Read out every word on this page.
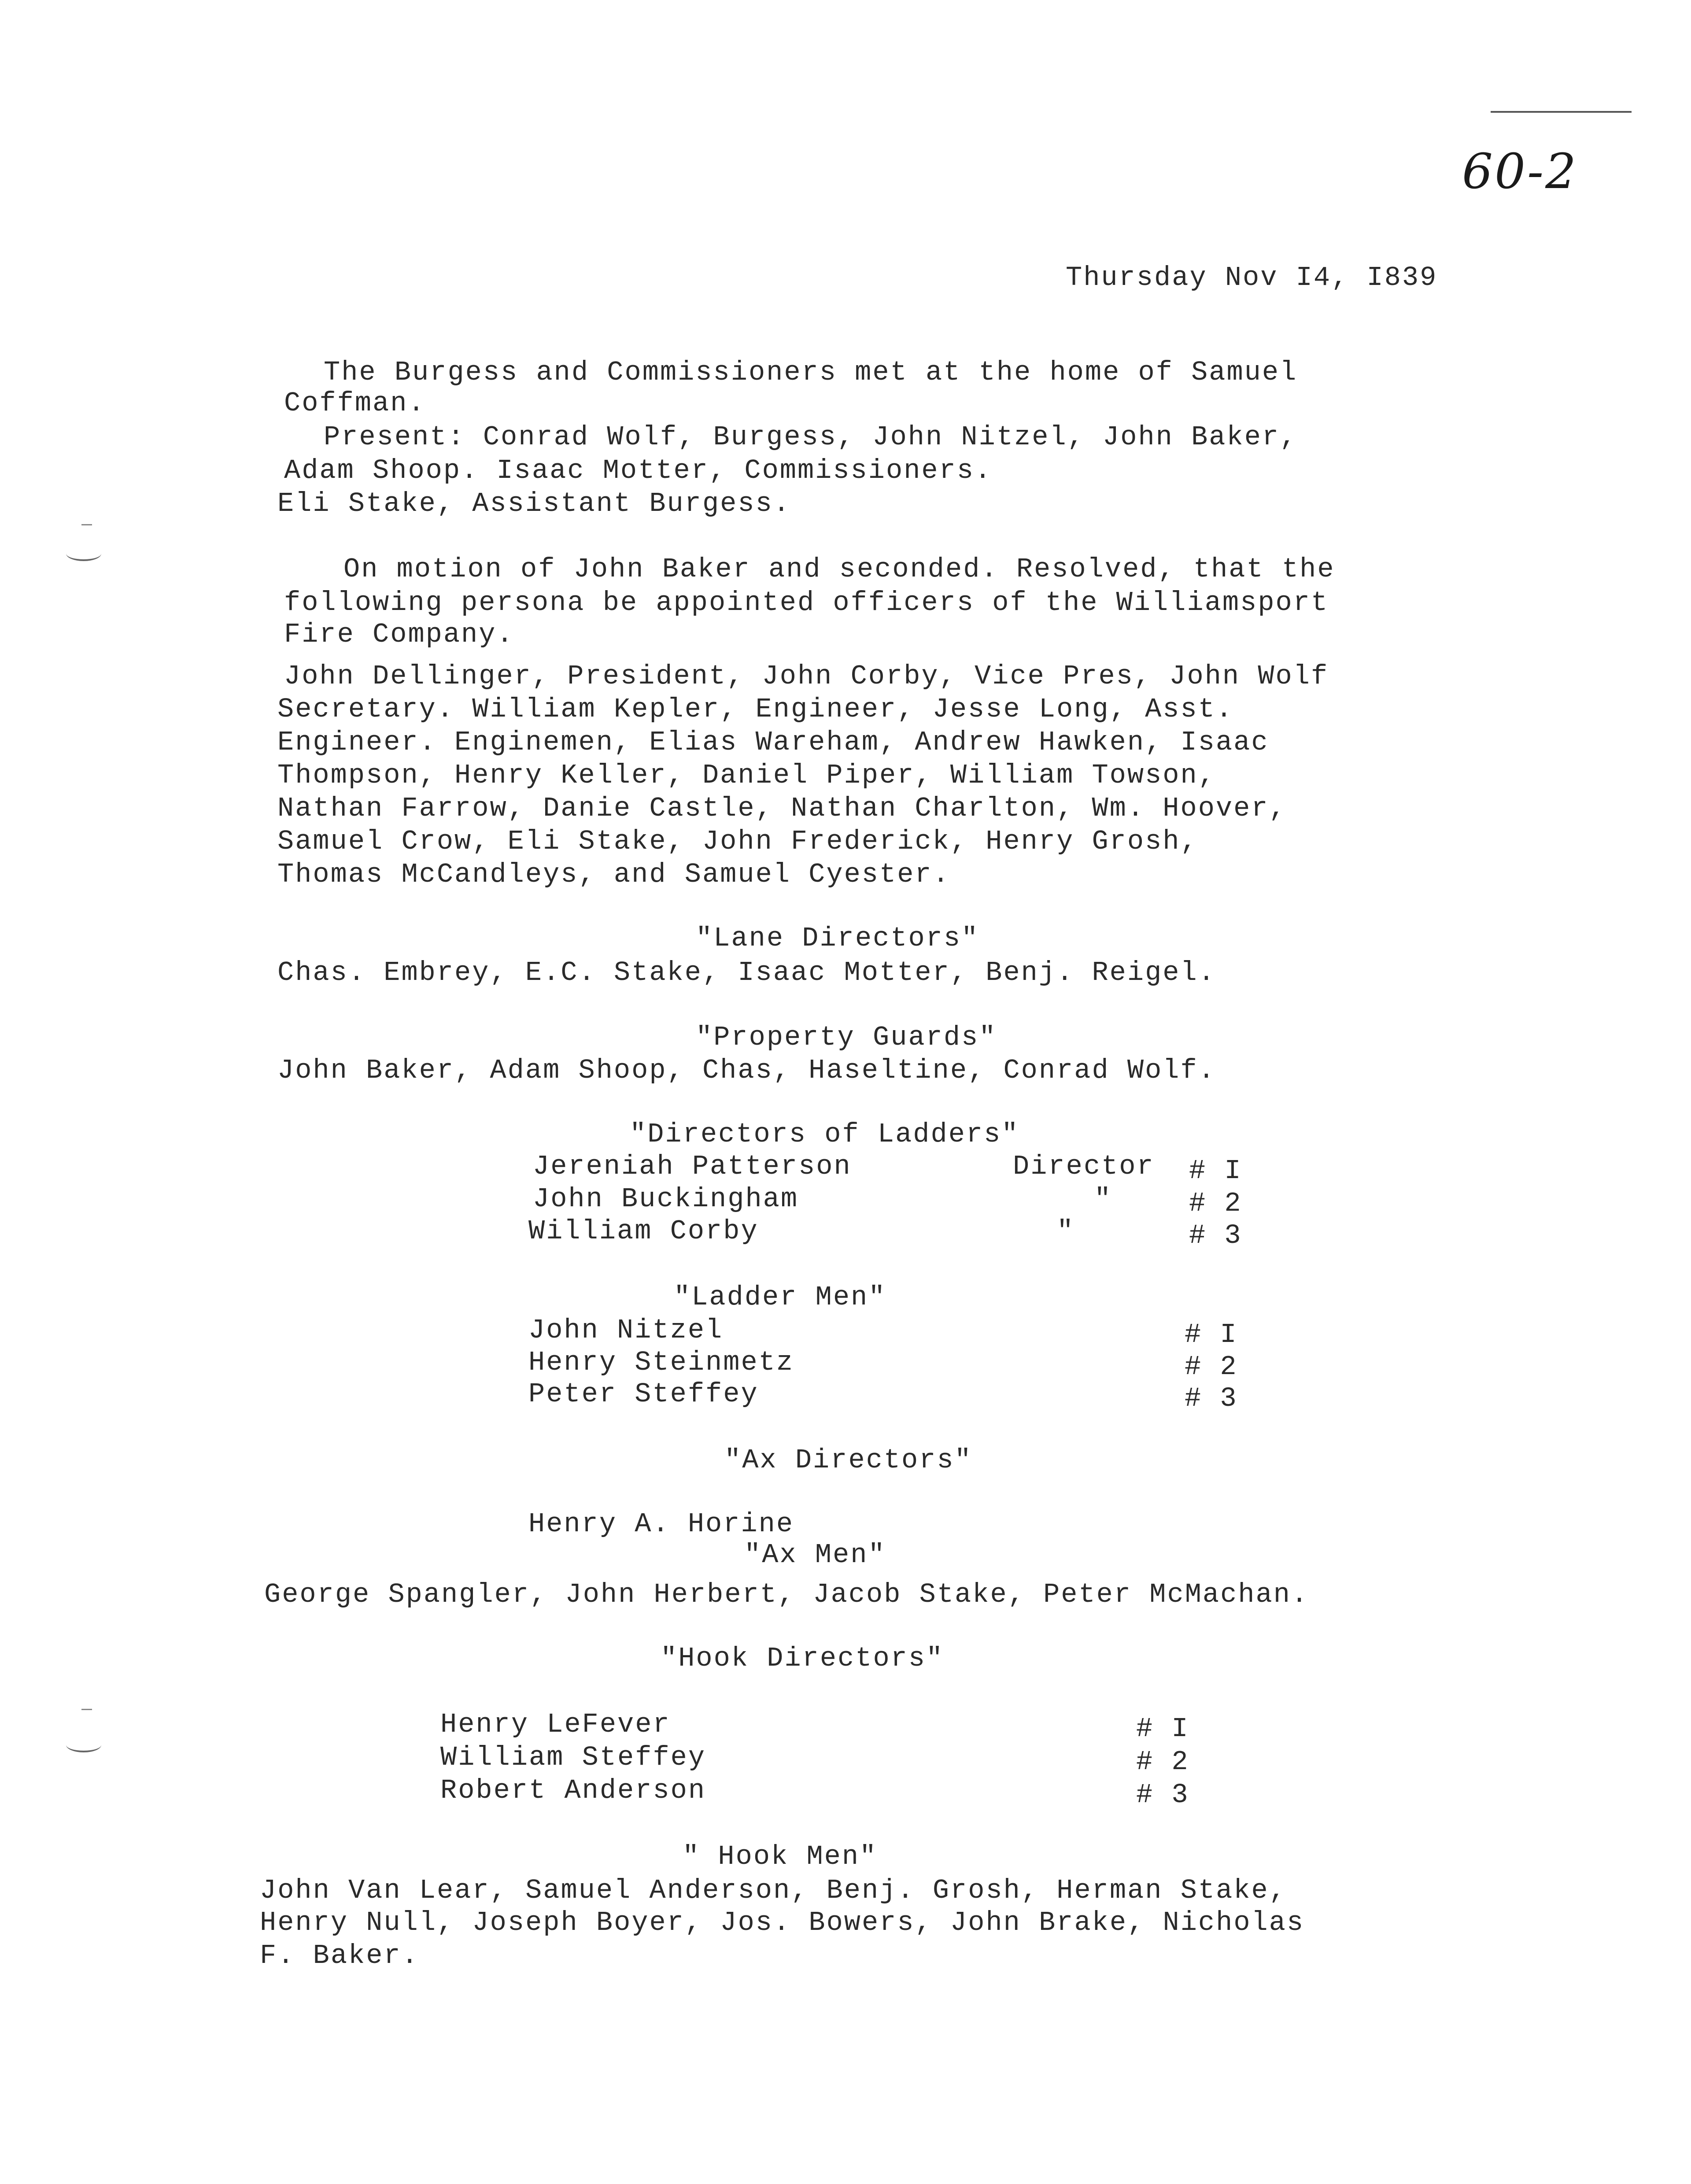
60-2
Thursday Nov I4, I839
The Burgess and Commissioners met at the home of Samuel
Coffman.
Present: Conrad Wolf, Burgess, John Nitzel, John Baker,
Adam Shoop. Isaac Motter, Commissioners.
Eli Stake, Assistant Burgess.
On motion of John Baker and seconded. Resolved, that the
following persona be appointed officers of the Williamsport
Fire Company.
John Dellinger, President, John Corby, Vice Pres, John Wolf
Secretary. William Kepler, Engineer, Jesse Long, Asst.
Engineer. Enginemen, Elias Wareham, Andrew Hawken, Isaac
Thompson, Henry Keller, Daniel Piper, William Towson,
Nathan Farrow, Danie Castle, Nathan Charlton, Wm. Hoover,
Samuel Crow, Eli Stake, John Frederick, Henry Grosh,
Thomas McCandleys, and Samuel Cyester.
"Lane Directors"
Chas. Embrey, E.C. Stake, Isaac Motter, Benj. Reigel.
"Property Guards"
John Baker, Adam Shoop, Chas, Haseltine, Conrad Wolf.
"Directors of Ladders"
Jereniah Patterson	Director # I
John Buckingham	"	# 2
William Corby	"	# 3
"Ladder Men"
John Nitzel	# I
Henry Steinmetz	# 2
Peter Steffey	# 3
"Ax Directors"
Henry A. Horine
"Ax Men"
George Spangler, John Herbert, Jacob Stake, Peter McMachan.
"Hook Directors"
Henry LeFever	# I
William Steffey	# 2
Robert Anderson	# 3
" Hook Men"
John Van Lear, Samuel Anderson, Benj. Grosh, Herman Stake,
Henry Null, Joseph Boyer, Jos. Bowers, John Brake, Nicholas
F. Baker.
